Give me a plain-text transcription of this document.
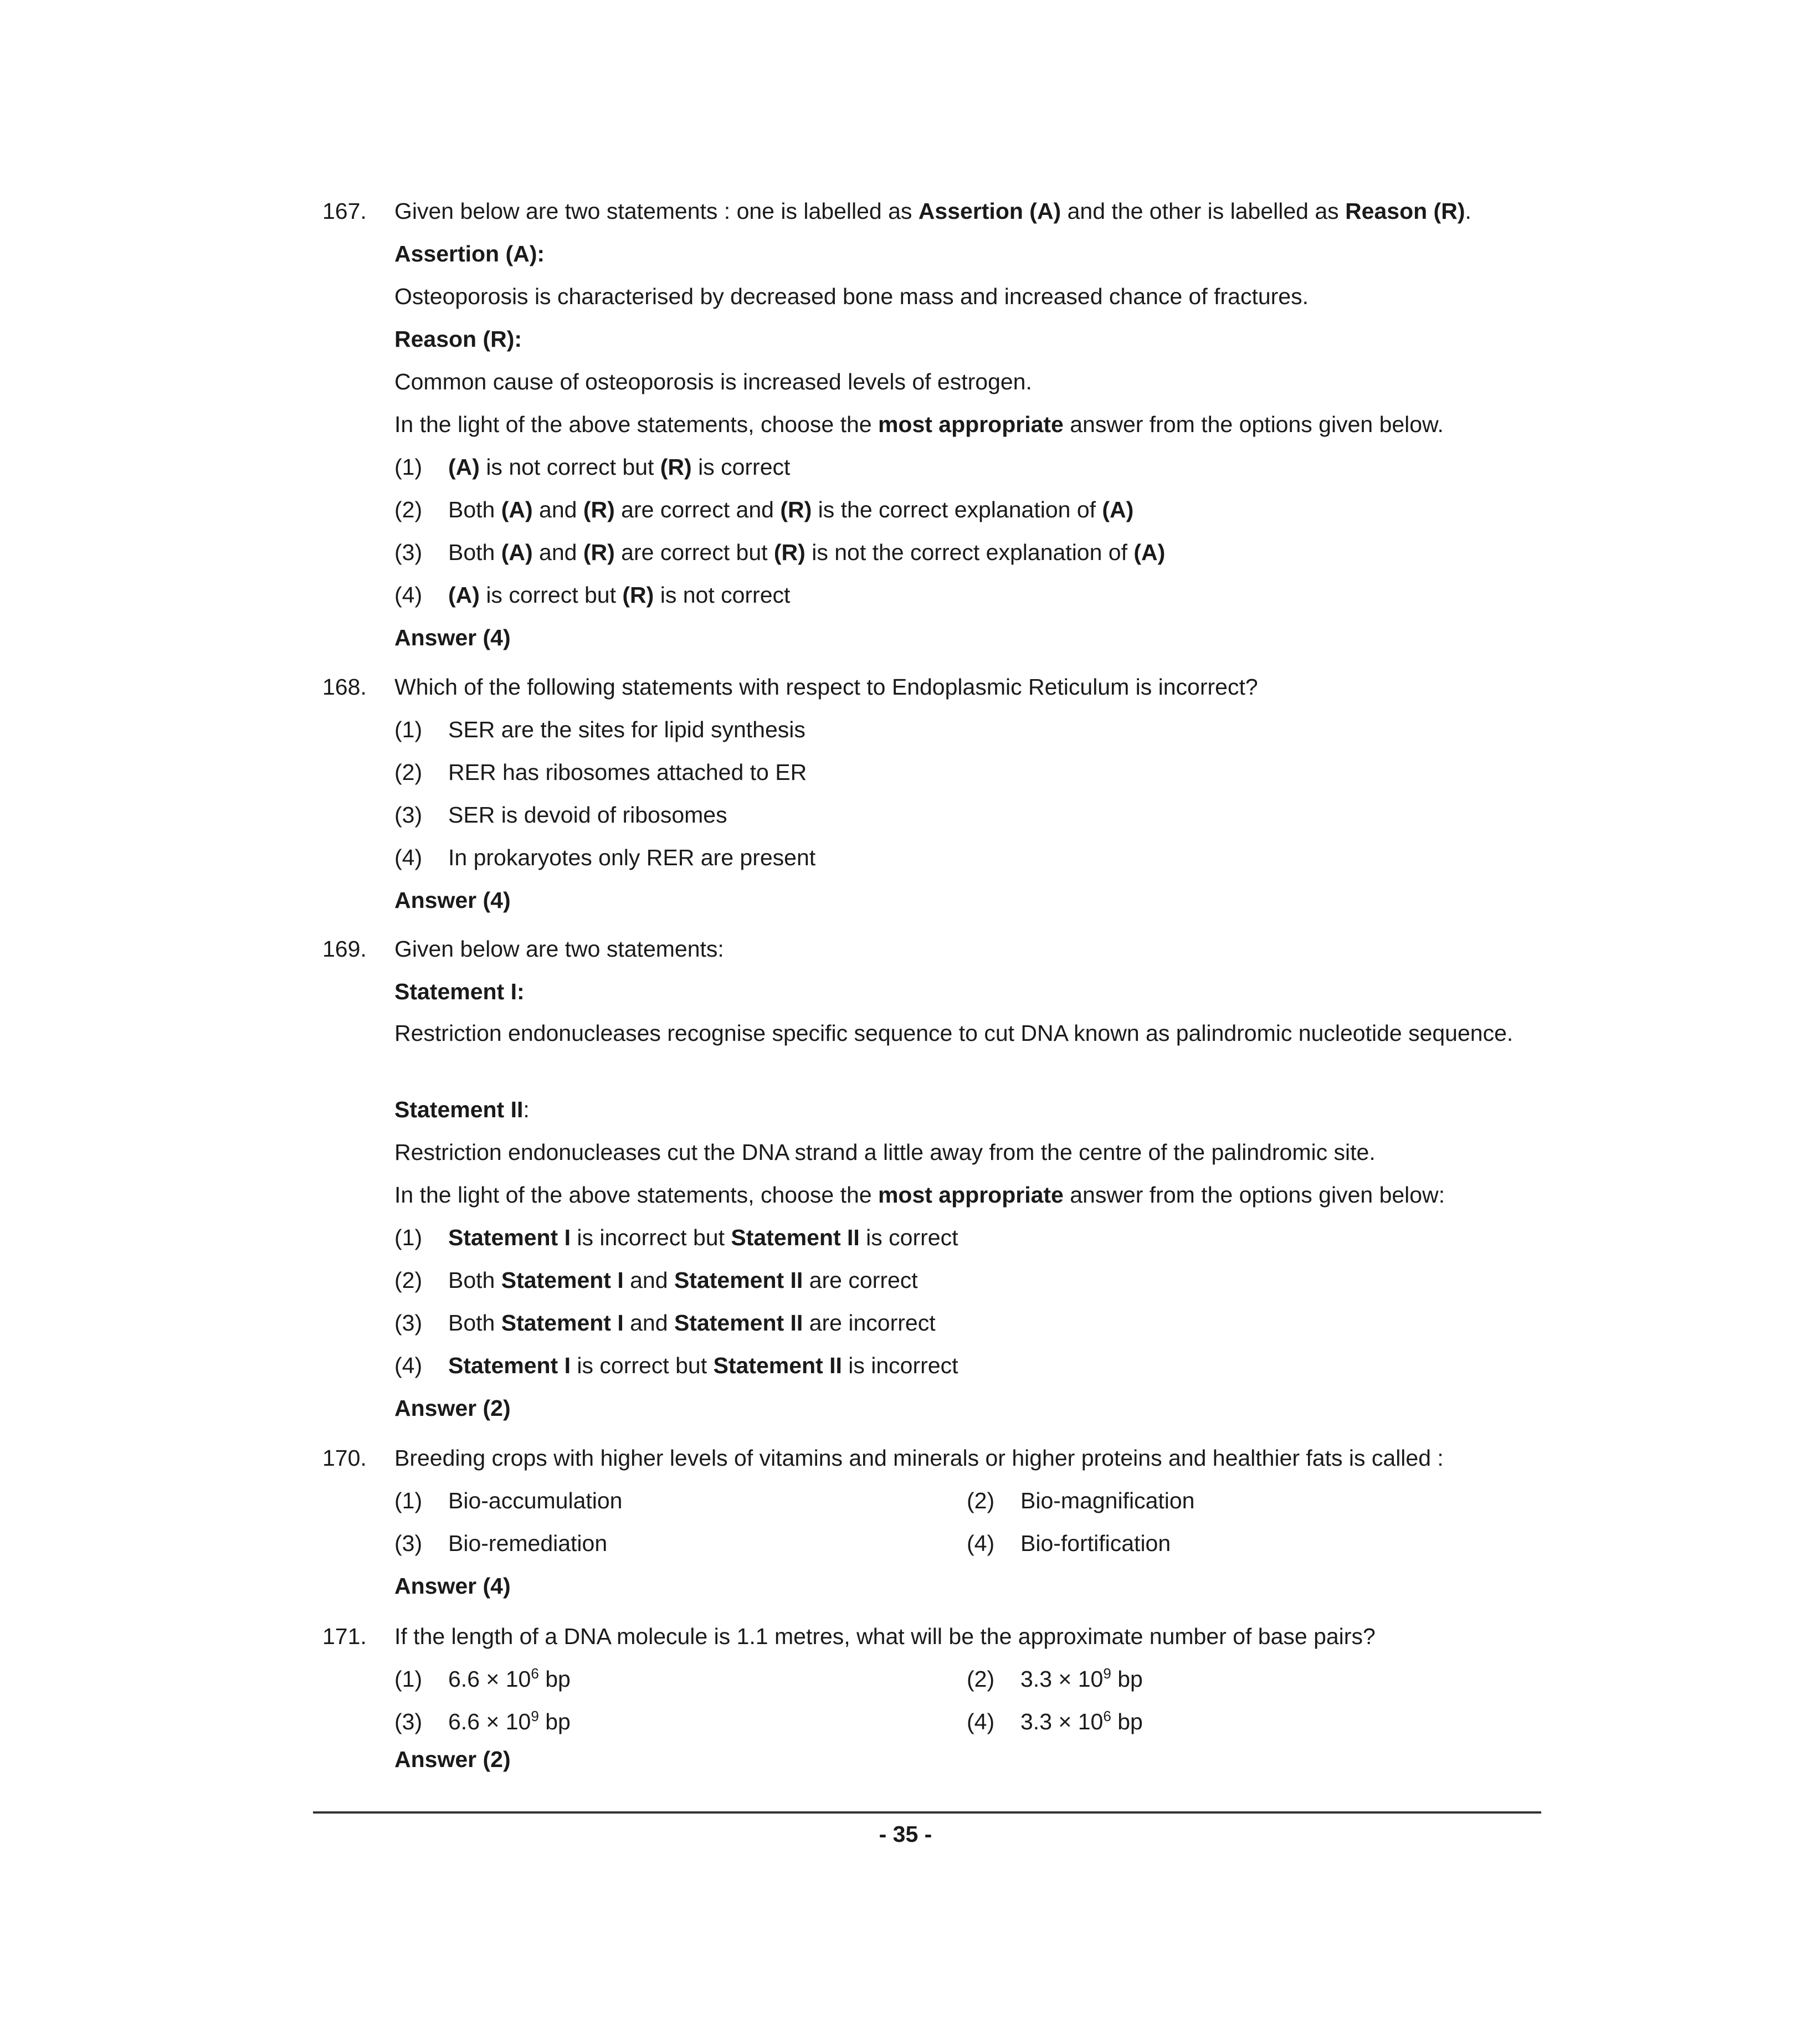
167. Given below are two statements : one is labelled as Assertion (A) and the other is labelled as Reason (R).
Assertion (A):
Osteoporosis is characterised by decreased bone mass and increased chance of fractures.
Reason (R):
Common cause of osteoporosis is increased levels of estrogen.
In the light of the above statements, choose the most appropriate answer from the options given below.
(1) (A) is not correct but (R) is correct
(2) Both (A) and (R) are correct and (R) is the correct explanation of (A)
(3) Both (A) and (R) are correct but (R) is not the correct explanation of (A)
(4) (A) is correct but (R) is not correct
Answer (4)
168. Which of the following statements with respect to Endoplasmic Reticulum is incorrect?
(1) SER are the sites for lipid synthesis
(2) RER has ribosomes attached to ER
(3) SER is devoid of ribosomes
(4) In prokaryotes only RER are present
Answer (4)
169. Given below are two statements:
Statement I:
Restriction endonucleases recognise specific sequence to cut DNA known as palindromic nucleotide sequence.
Statement II:
Restriction endonucleases cut the DNA strand a little away from the centre of the palindromic site.
In the light of the above statements, choose the most appropriate answer from the options given below:
(1) Statement I is incorrect but Statement II is correct
(2) Both Statement I and Statement II are correct
(3) Both Statement I and Statement II are incorrect
(4) Statement I is correct but Statement II is incorrect
Answer (2)
170. Breeding crops with higher levels of vitamins and minerals or higher proteins and healthier fats is called :
(1) Bio-accumulation	(2) Bio-magnification
(3) Bio-remediation	(4) Bio-fortification
Answer (4)
171. If the length of a DNA molecule is 1.1 metres, what will be the approximate number of base pairs?
(1) $6.6 \times 10^6$ bp	(2) $3.3 \times 10^9$ bp
(3) $6.6 \times 10^9$ bp	(4) $3.3 \times 10^6$ bp
Answer (2)
- 35 -
